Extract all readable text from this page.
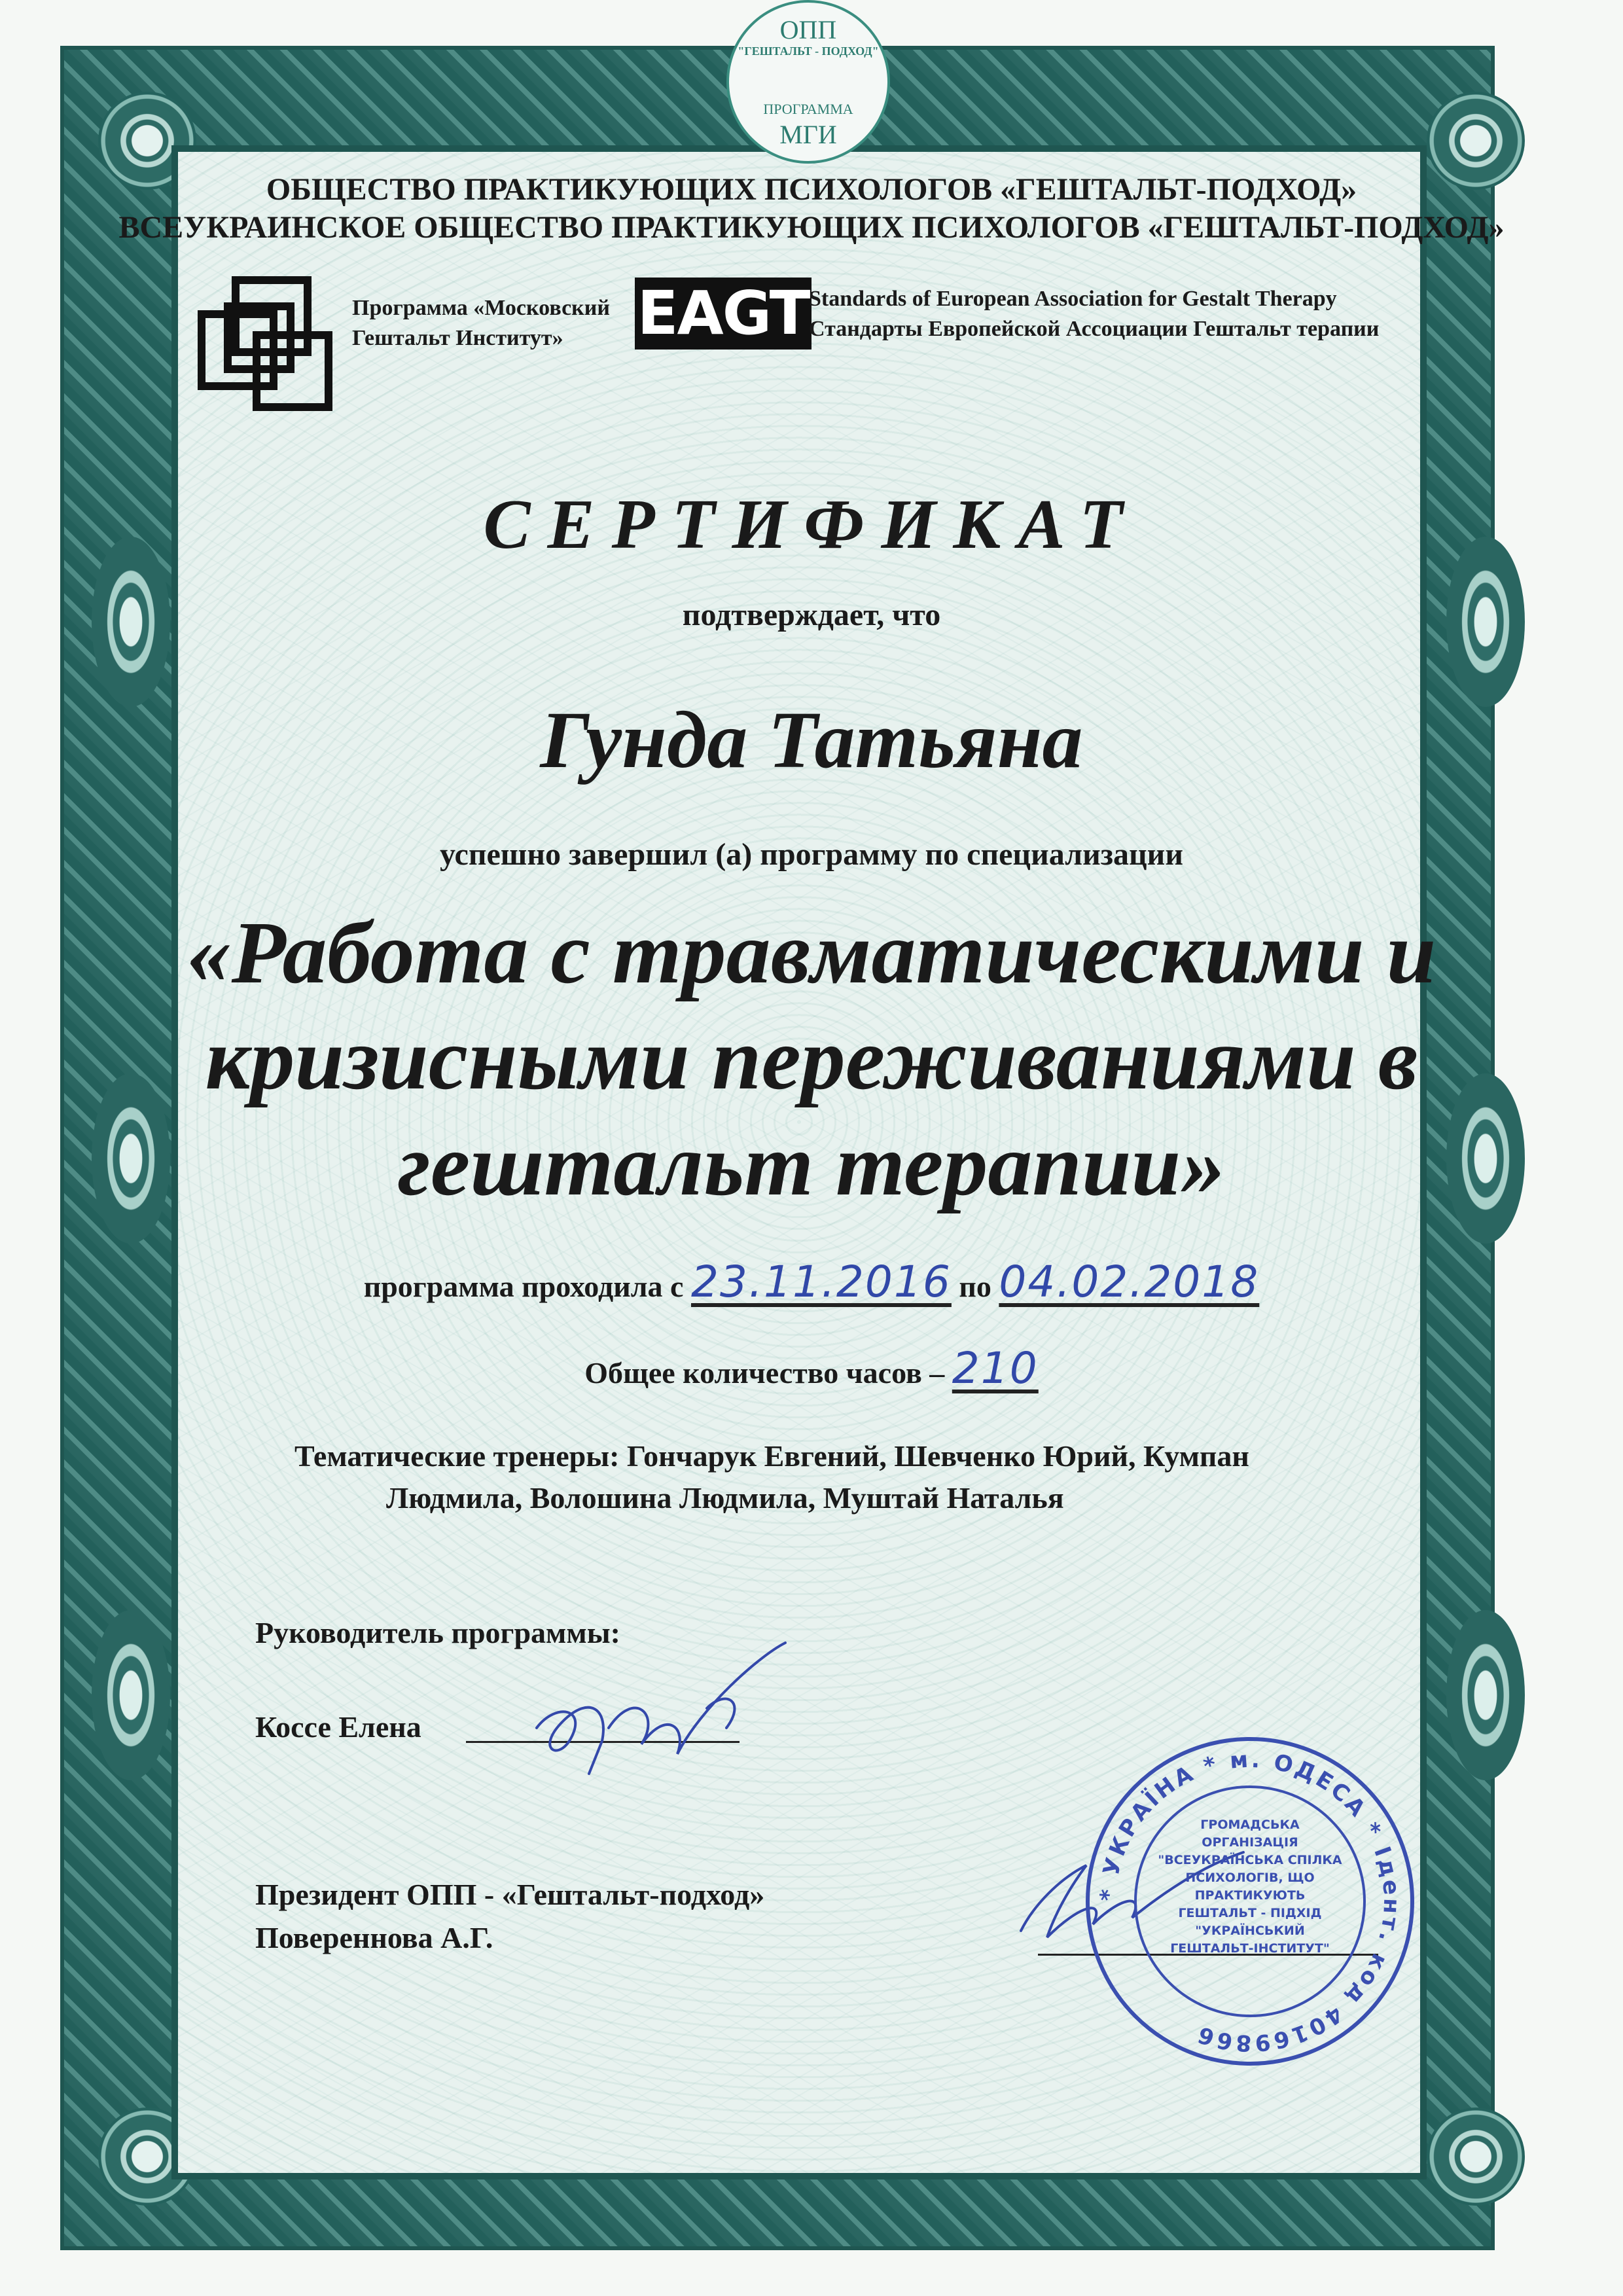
ОПП
"ГЕШТАЛЬТ - ПОДХОД"
ПРОГРАММА
МГИ
ОБЩЕСТВО ПРАКТИКУЮЩИХ ПСИХОЛОГОВ «ГЕШТАЛЬТ-ПОДХОД»
ВСЕУКРАИНСКОЕ ОБЩЕСТВО ПРАКТИКУЮЩИХ ПСИХОЛОГОВ «ГЕШТАЛЬТ-ПОДХОД»
Программа «Московский
Гештальт Институт»	EAGT Standards of European Association for Gestalt Therapy
Стандарты Европейской Ассоциации Гештальт терапии
СЕРТИФИКАТ
подтверждает, что
Гунда Татьяна
успешно завершил (а) программу по специализации
«Работа с травматическими и
кризисными переживаниями в
гештальт терапии»
программа проходила с 23.11.2016 по 04.02.2018
Общее количество часов – 210
Тематические тренеры: Гончарук Евгений, Шевченко Юрий, Кумпан
Людмила, Волошина Людмила, Муштай Наталья
Руководитель программы:
Коссе Елена
Президент ОПП - «Гештальт-подход»
Повереннова А.Г.
* УКРАЇНА * м. ОДЕСА * Ідент. код 40169866
ГРОМАДСЬКА
ОРГАНІЗАЦІЯ
"ВСЕУКРАЇНСЬКА СПІЛКА
ПСИХОЛОГІВ, ЩО ПРАКТИКУЮТЬ
ГЕШТАЛЬТ - ПІДХІД
"УКРАЇНСЬКИЙ
ГЕШТАЛЬТ-ІНСТИТУТ"
